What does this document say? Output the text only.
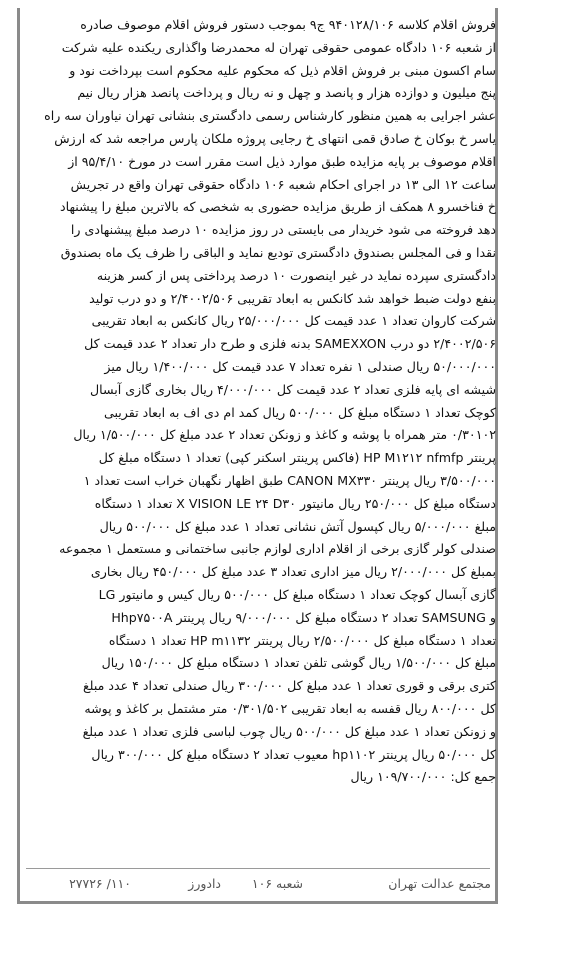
فروش اقلام کلاسه ۹۴۰۱۲۸/۱۰۶ ج۹ بموجب دستور فروش اقلام موصوف صادره
از شعبه ۱۰۶ دادگاه عمومی حقوقی تهران له محمدرضا واگذاری ریکنده علیه شرکت
سام اکسون مبنی بر فروش اقلام ذیل که محکوم علیه محکوم است بپرداخت نود و
پنج میلیون و دوازده هزار و پانصد و چهل و نه ریال و پرداخت پانصد هزار ریال نیم
عشر اجرایی به همین منظور کارشناس رسمی دادگستری بنشانی تهران نیاوران سه راه
یاسر خ بوکان خ صادق قمی انتهای خ رجایی پروژه ملکان پارس مراجعه شد که ارزش
اقلام موصوف بر پایه مزایده طبق موارد ذیل است مقرر است در مورخ ۹۵/۴/۱۰ از
ساعت ۱۲ الی ۱۳ در اجرای احکام شعبه ۱۰۶ دادگاه حقوقی تهران واقع در تجریش
خ فناخسرو ۸ همکف از طریق مزایده حضوری به شخصی که بالاترین مبلغ را پیشنهاد
دهد فروخته می شود خریدار می بایستی در روز مزایده ۱۰ درصد مبلغ پیشنهادی را
نقدا و فی المجلس بصندوق دادگستری تودیع نماید و الباقی را ظرف یک ماه بصندوق
دادگستری سپرده نماید در غیر اینصورت ۱۰ درصد پرداختی پس از کسر هزینه
بنفع دولت ضبط خواهد شد کانکس به ابعاد تقریبی ۲/۴۰۰۲/۵۰۶ و دو درب تولید
شرکت کاروان تعداد ۱ عدد قیمت کل ۲۵/۰۰۰/۰۰۰ ریال کانکس به ابعاد تقریبی
۲/۴۰۰۲/۵۰۶ دو درب SAMEXXON بدنه فلزی و طرح دار تعداد ۲ عدد قیمت کل
۵۰/۰۰۰/۰۰۰ ریال صندلی ۱ نفره تعداد ۷ عدد قیمت کل ۱/۴۰۰/۰۰۰ ریال میز
شیشه ای پایه فلزی تعداد ۲ عدد قیمت کل ۴/۰۰۰/۰۰۰ ریال بخاری گازی آبسال
کوچک تعداد ۱ دستگاه مبلغ کل ۵۰۰/۰۰۰ ریال کمد ام دی اف به ابعاد تقریبی
۰/۳۰۱۰۲ متر همراه با پوشه و کاغذ و زونکن تعداد ۲ عدد مبلغ کل ۱/۵۰۰/۰۰۰ ریال
پرینتر HP M۱۲۱۲ nfmfp (فاکس پرینتر اسکنر کپی) تعداد ۱ دستگاه مبلغ کل
۳/۵۰۰/۰۰۰ ریال پرینتر CANON MX۳۳۰ طبق اظهار نگهبان خراب است تعداد ۱
دستگاه مبلغ کل ۲۵۰/۰۰۰ ریال مانیتور X VISION LE ۲۴ D۳۰ تعداد ۱ دستگاه
مبلغ ۵/۰۰۰/۰۰۰ ریال کپسول آتش نشانی تعداد ۱ عدد مبلغ کل ۵۰۰/۰۰۰ ریال
صندلی کولر گازی برخی از اقلام اداری لوازم جانبی ساختمانی و مستعمل ۱ مجموعه
بمبلغ کل ۲/۰۰۰/۰۰۰ ریال میز اداری تعداد ۳ عدد مبلغ کل ۴۵۰/۰۰۰ ریال بخاری
گازی آبسال کوچک تعداد ۱ دستگاه مبلغ کل ۵۰۰/۰۰۰ ریال کیس و مانیتور LG
و SAMSUNG تعداد ۲ دستگاه مبلغ کل ۹/۰۰۰/۰۰۰ ریال پرینتر Hhp۷۵۰۰A
تعداد ۱ دستگاه مبلغ کل ۲/۵۰۰/۰۰۰ ریال پرینتر HP m۱۱۳۲ تعداد ۱ دستگاه
مبلغ کل ۱/۵۰۰/۰۰۰ ریال گوشی تلفن تعداد ۱ دستگاه مبلغ کل ۱۵۰/۰۰۰ ریال
کتری برقی و قوری تعداد ۱ عدد مبلغ کل ۳۰۰/۰۰۰ ریال صندلی تعداد ۴ عدد مبلغ
کل ۸۰۰/۰۰۰ ریال قفسه به ابعاد تقریبی ۰/۳۰۱/۵۰۲ متر مشتمل بر کاغذ و پوشه
و زونکن تعداد ۱ عدد مبلغ کل ۵۰۰/۰۰۰ ریال چوب لباسی فلزی تعداد ۱ عدد مبلغ
کل ۵۰/۰۰۰ ریال پرینتر hp۱۱۰۲ معیوب تعداد ۲ دستگاه مبلغ کل ۳۰۰/۰۰۰ ریال
جمع کل: ۱۰۹/۷۰۰/۰۰۰ ریال
مجتمع عدالت تهران
شعبه ۱۰۶
دادورز
۱۱۰/ ۲۷۷۲۶
